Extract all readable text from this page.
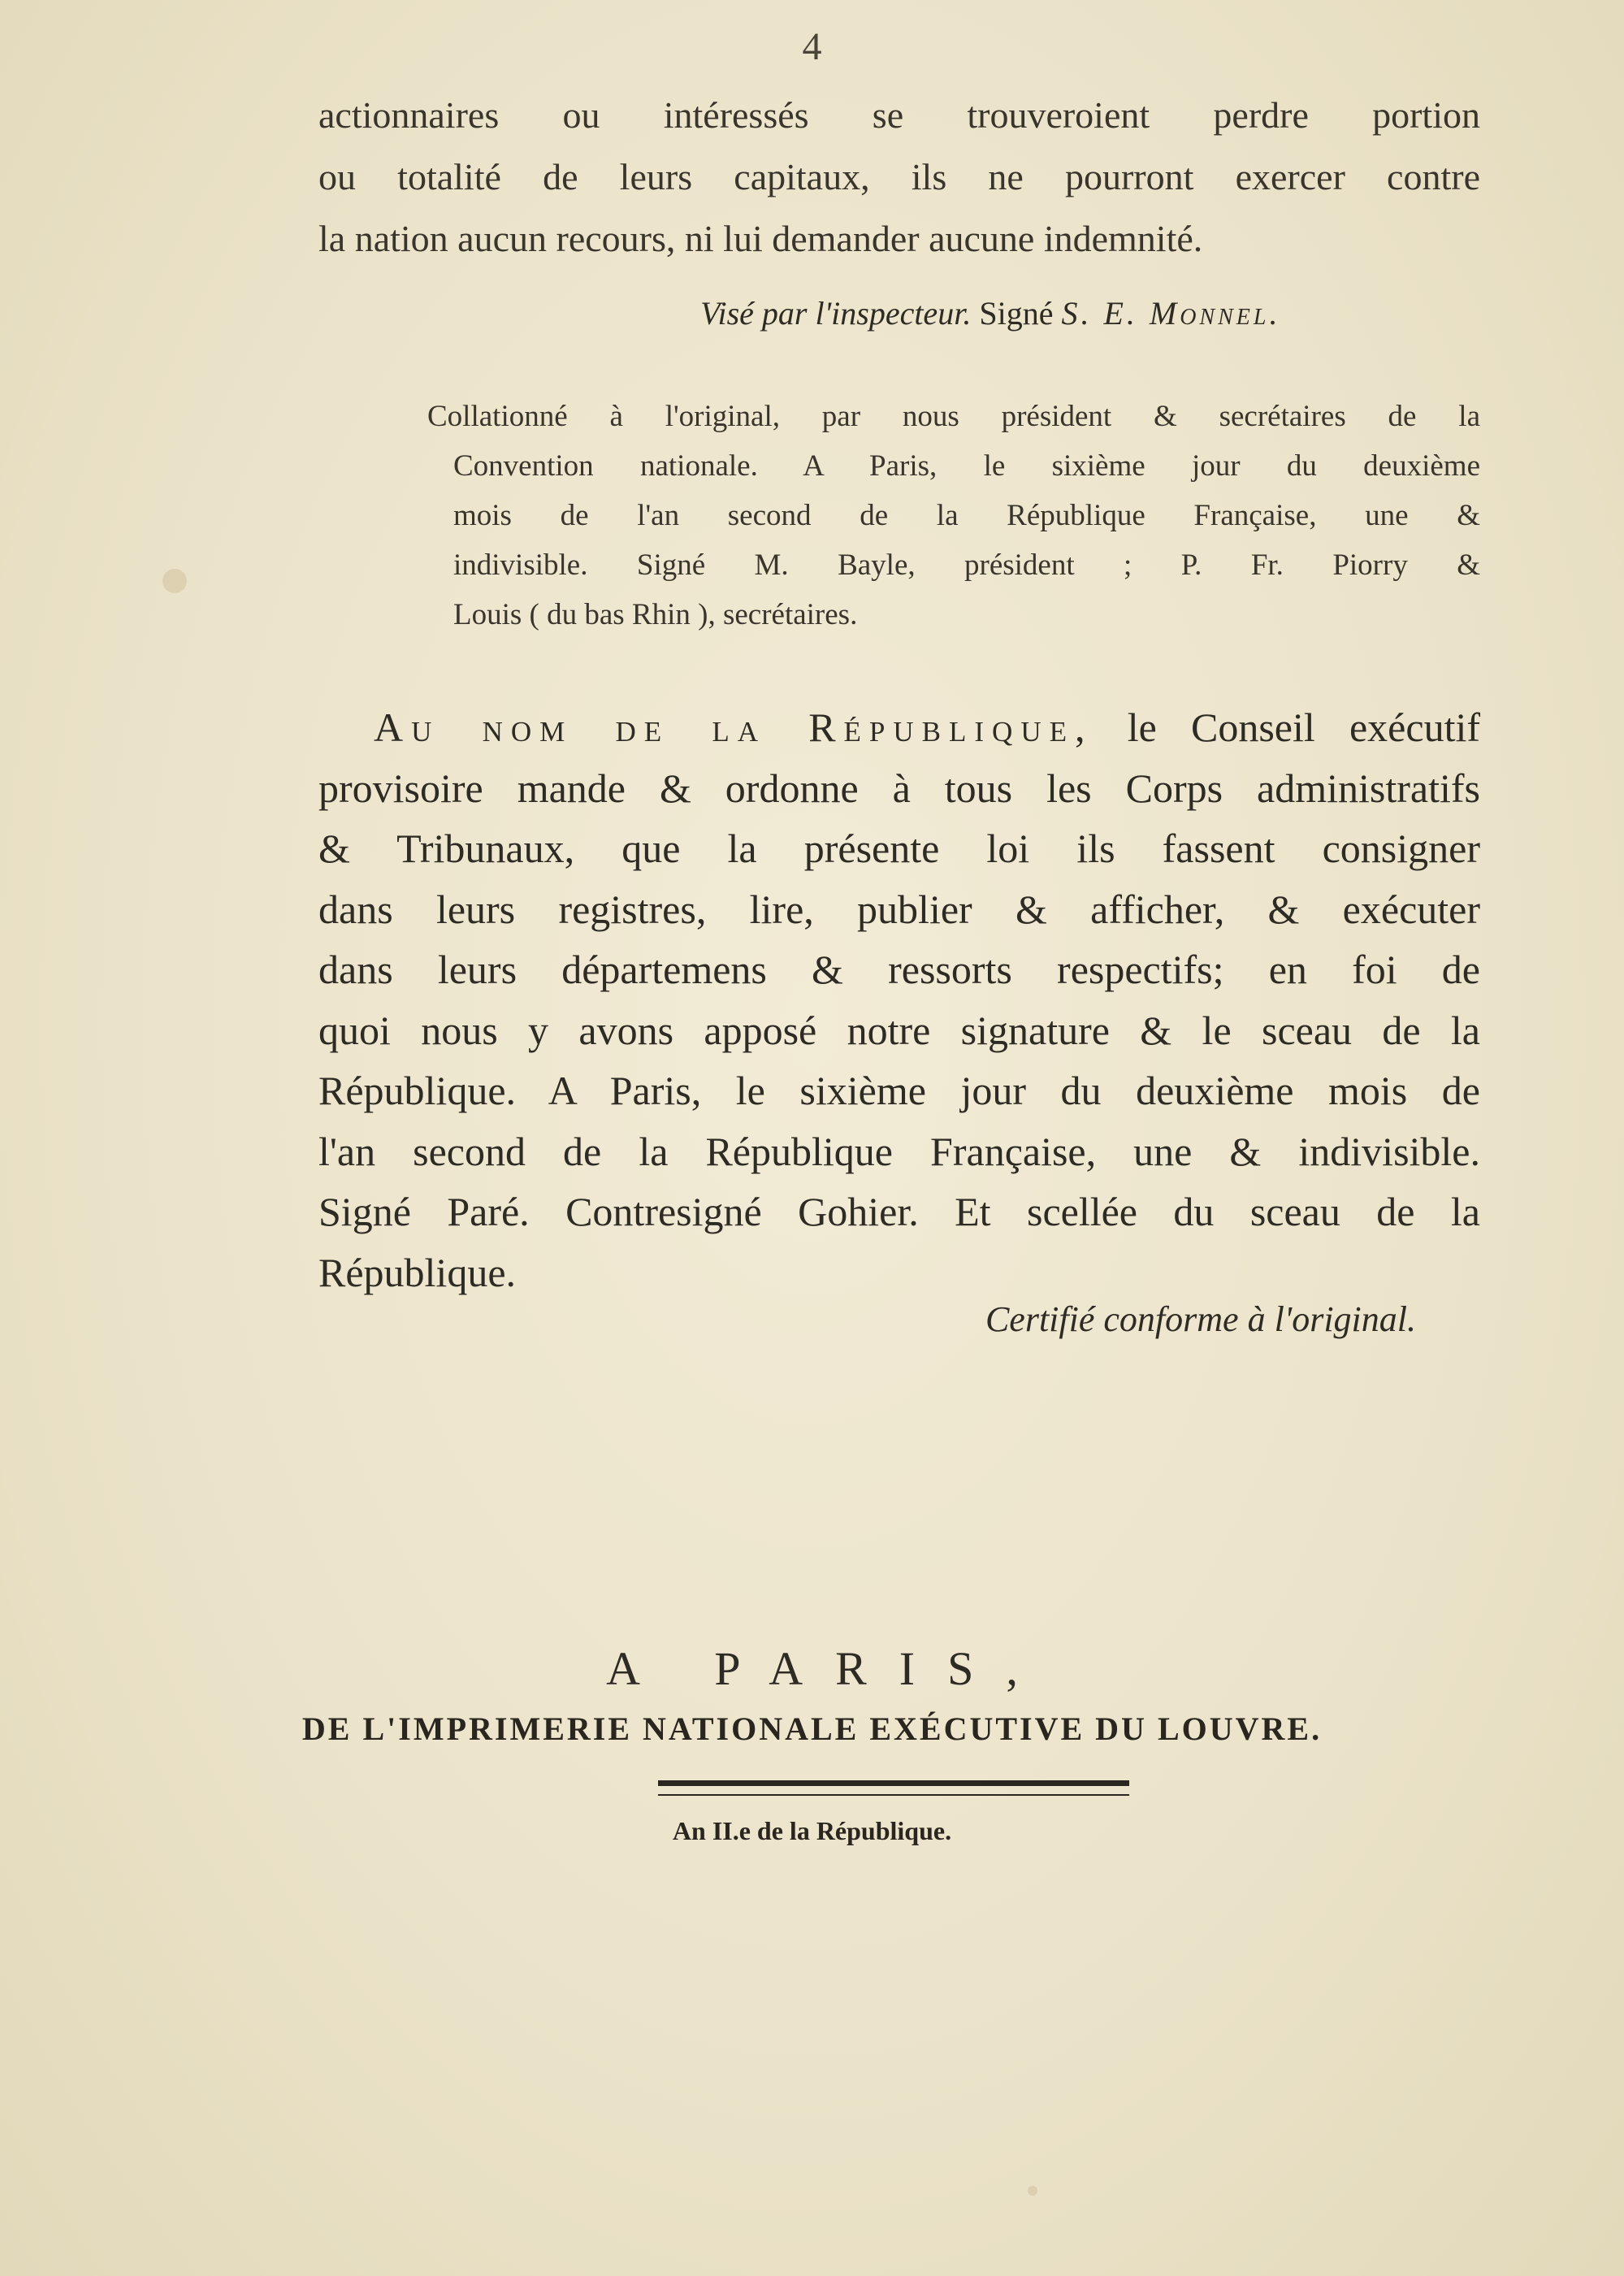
4
actionnaires ou intéressés se trouveroient perdre portion
ou totalité de leurs capitaux, ils ne pourront exercer contre
la nation aucun recours, ni lui demander aucune indemnité.
Visé par l'inspecteur. Signé S. E. Monnel.
Collationné à l'original, par nous président & secrétaires de la
Convention nationale. A Paris, le sixième jour du deuxième
mois de l'an second de la République Française, une &
indivisible. Signé M. Bayle, président ; P. Fr. Piorry &
Louis ( du bas Rhin ), secrétaires.
Au nom de la République, le Conseil exécutif
provisoire mande & ordonne à tous les Corps administratifs
& Tribunaux, que la présente loi ils fassent consigner
dans leurs registres, lire, publier & afficher, & exécuter
dans leurs départemens & ressorts respectifs; en foi de
quoi nous y avons apposé notre signature & le sceau de la
République. A Paris, le sixième jour du deuxième mois de
l'an second de la République Française, une & indivisible.
Signé Paré. Contresigné Gohier. Et scellée du sceau de la
République.
Certifié conforme à l'original.
A PARIS,
DE L'IMPRIMERIE NATIONALE EXÉCUTIVE DU LOUVRE.
An II.e de la République.
